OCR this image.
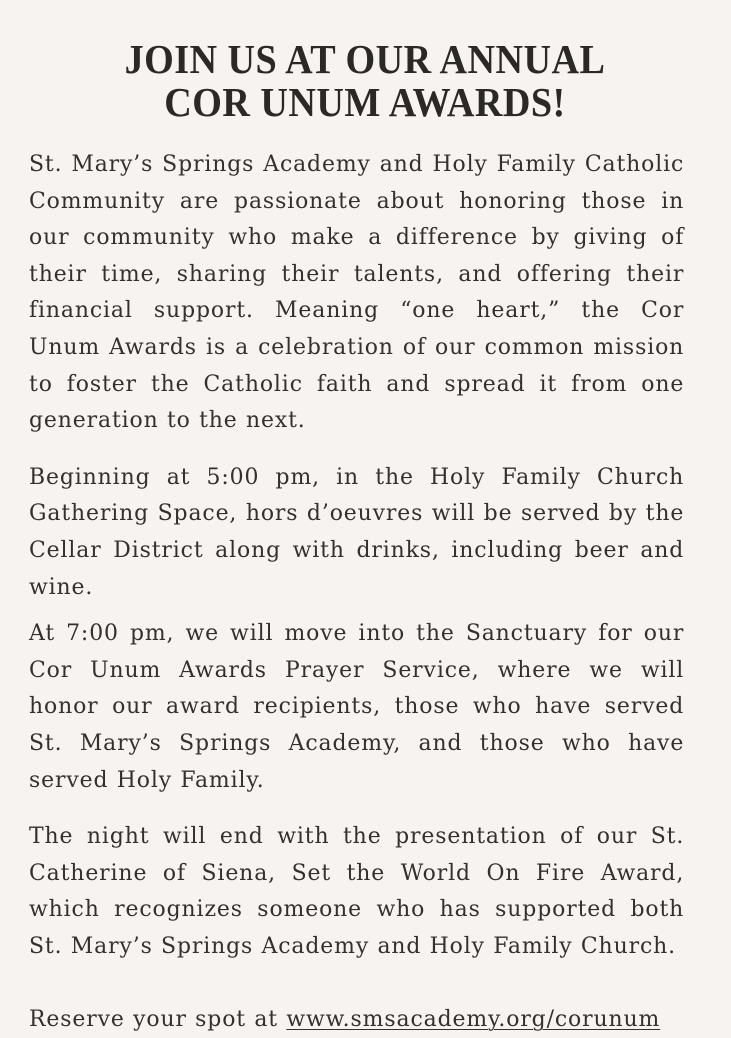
JOIN US AT OUR ANNUAL
COR UNUM AWARDS!

St. Mary’s Springs Academy and Holy Family Catholic Community are passionate about honoring those in our community who make a difference by giving of their time, sharing their talents, and offering their financial support. Meaning “one heart,” the Cor Unum Awards is a celebration of our common mission to foster the Catholic faith and spread it from one generation to the next.

Beginning at 5:00 pm, in the Holy Family Church Gathering Space, hors d’oeuvres will be served by the Cellar District along with drinks, including beer and wine.

At 7:00 pm, we will move into the Sanctuary for our Cor Unum Awards Prayer Service, where we will honor our award recipients, those who have served St. Mary’s Springs Academy, and those who have served Holy Family.

The night will end with the presentation of our St. Catherine of Siena, Set the World On Fire Award, which recognizes someone who has supported both St. Mary’s Springs Academy and Holy Family Church.

Reserve your spot at www.smsacademy.org/corunum
